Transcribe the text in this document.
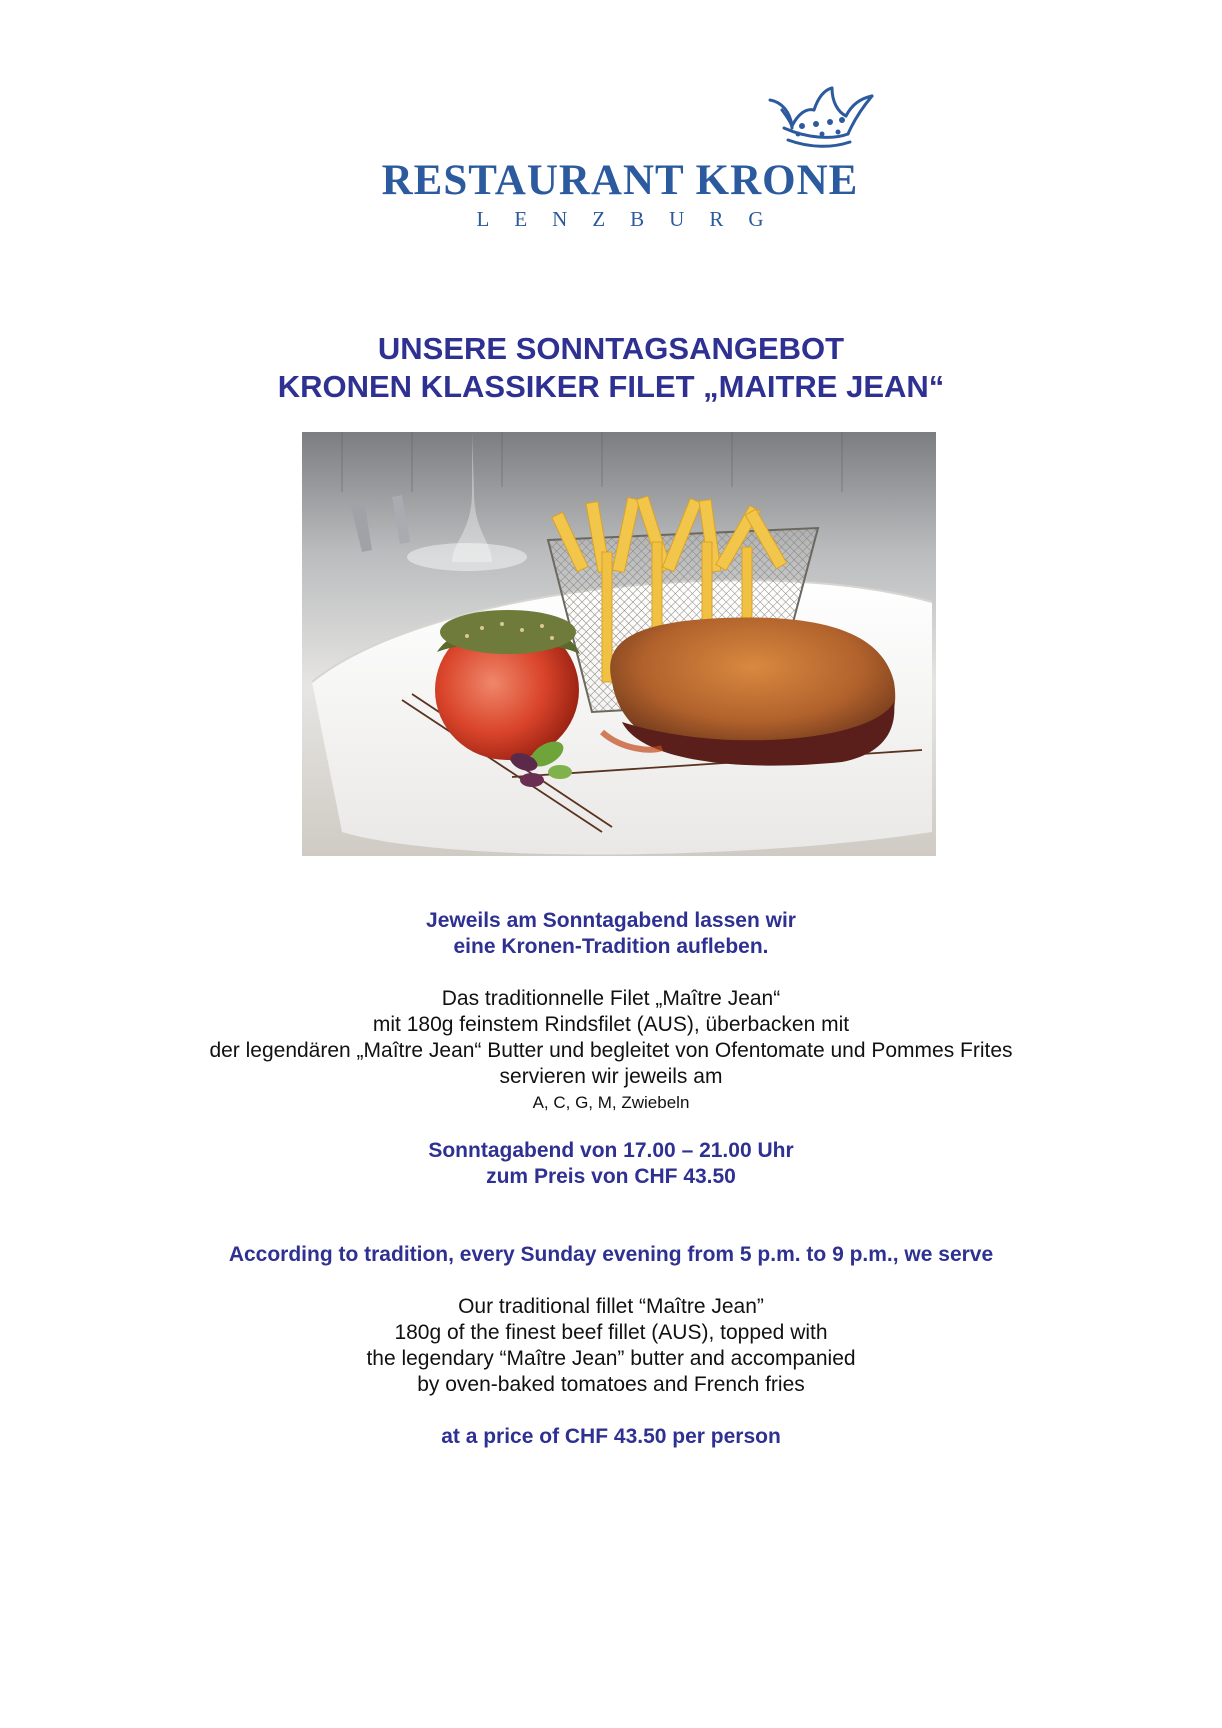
RESTAURANT KRONE
LENZBURG
UNSERE SONNTAGSANGEBOT
KRONEN KLASSIKER FILET „MAITRE JEAN“
Jeweils am Sonntagabend lassen wir
eine Kronen-Tradition aufleben.
Das traditionnelle Filet „Maître Jean“
mit 180g feinstem Rindsfilet (AUS), überbacken mit
der legendären „Maître Jean“ Butter und begleitet von Ofentomate und Pommes Frites
servieren wir jeweils am
A, C, G, M, Zwiebeln
Sonntagabend von 17.00 – 21.00 Uhr
zum Preis von CHF 43.50
According to tradition, every Sunday evening from 5 p.m. to 9 p.m., we serve
Our traditional fillet “Maître Jean”
180g of the finest beef fillet (AUS), topped with
the legendary “Maître Jean” butter and accompanied
by oven-baked tomatoes and French fries
at a price of CHF 43.50 per person
